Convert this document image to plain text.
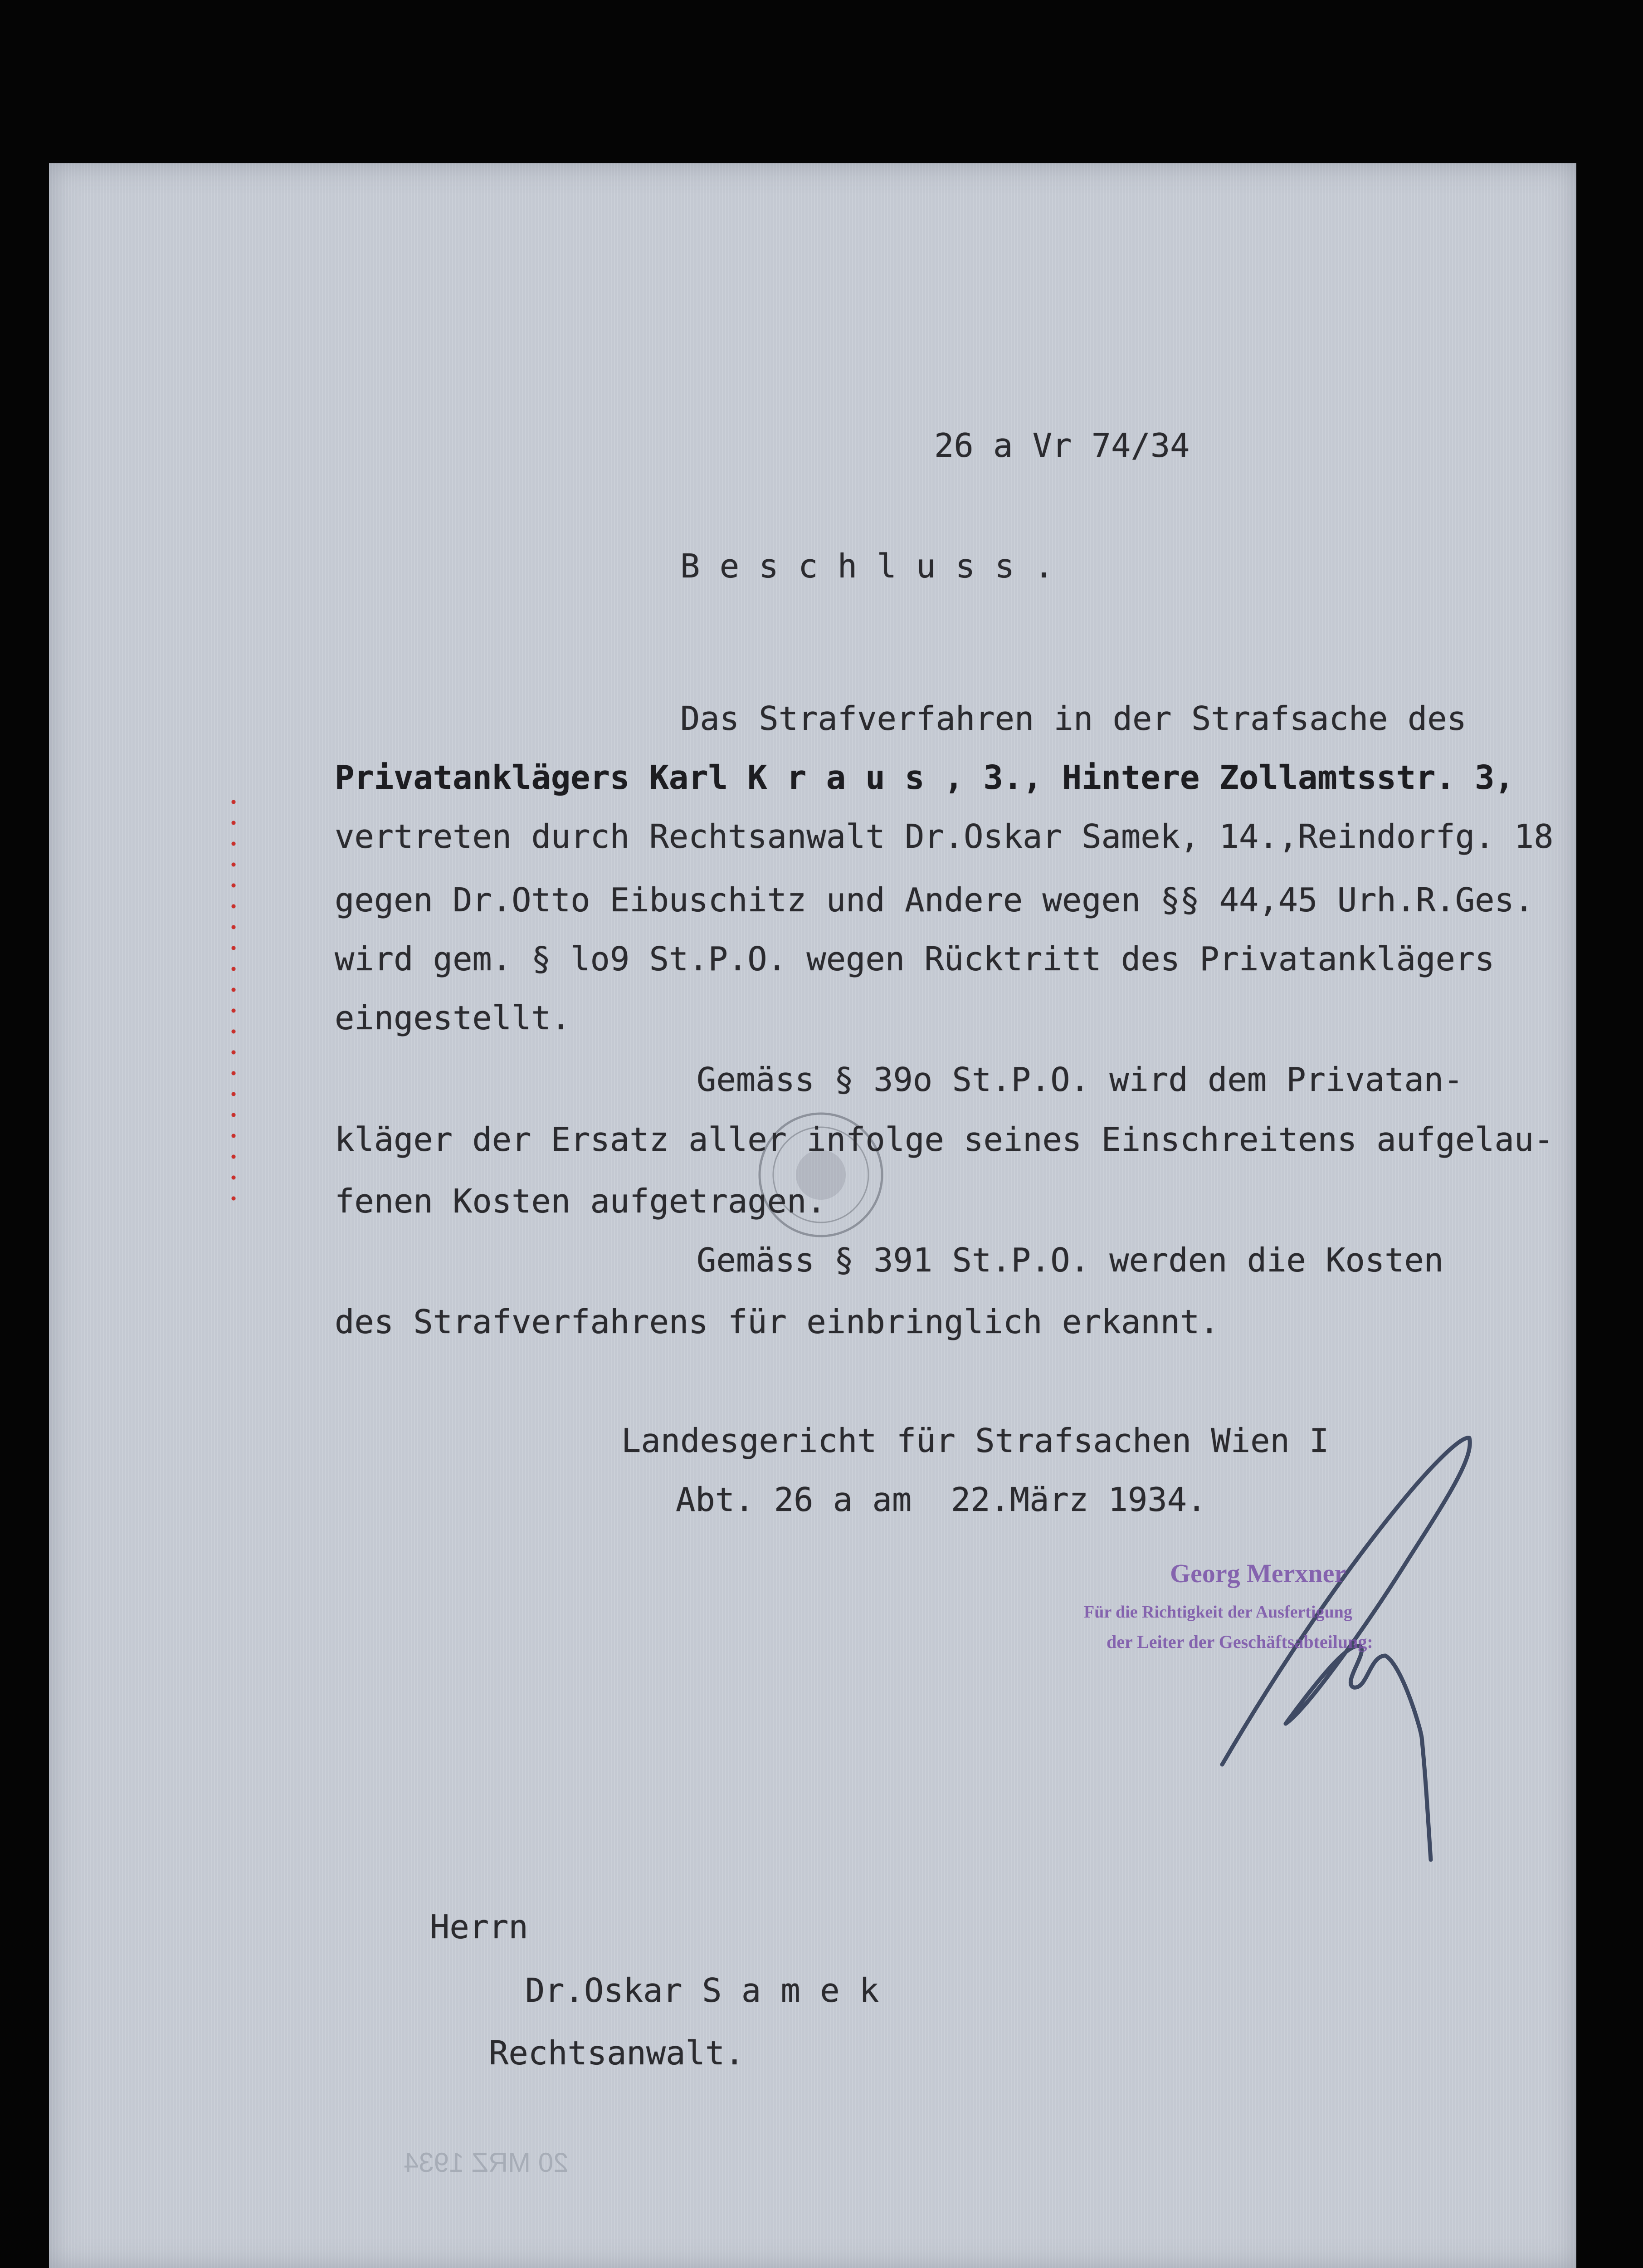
26 a Vr 74/34
B e s c h l u s s .
Das Strafverfahren in der Strafsache des
Privatanklägers Karl K r a u s , 3., Hintere Zollamtsstr. 3,
vertreten durch Rechtsanwalt Dr.Oskar Samek, 14.,Reindorfg. 18
gegen Dr.Otto Eibuschitz und Andere wegen §§ 44,45 Urh.R.Ges.
wird gem. § lo9 St.P.O. wegen Rücktritt des Privatanklägers
eingestellt.
Gemäss § 39o St.P.O. wird dem Privatan-
kläger der Ersatz aller infolge seines Einschreitens aufgelau-
fenen Kosten aufgetragen.
Gemäss § 391 St.P.O. werden die Kosten
des Strafverfahrens für einbringlich erkannt.
Landesgericht für Strafsachen Wien I
Abt. 26 a am  22.März 1934.
Georg Merxner
Für die Richtigkeit der Ausfertigung
der Leiter der Geschäftsabteilung:
Herrn
Dr.Oskar S a m e k
Rechtsanwalt.
20 MRZ 1934
